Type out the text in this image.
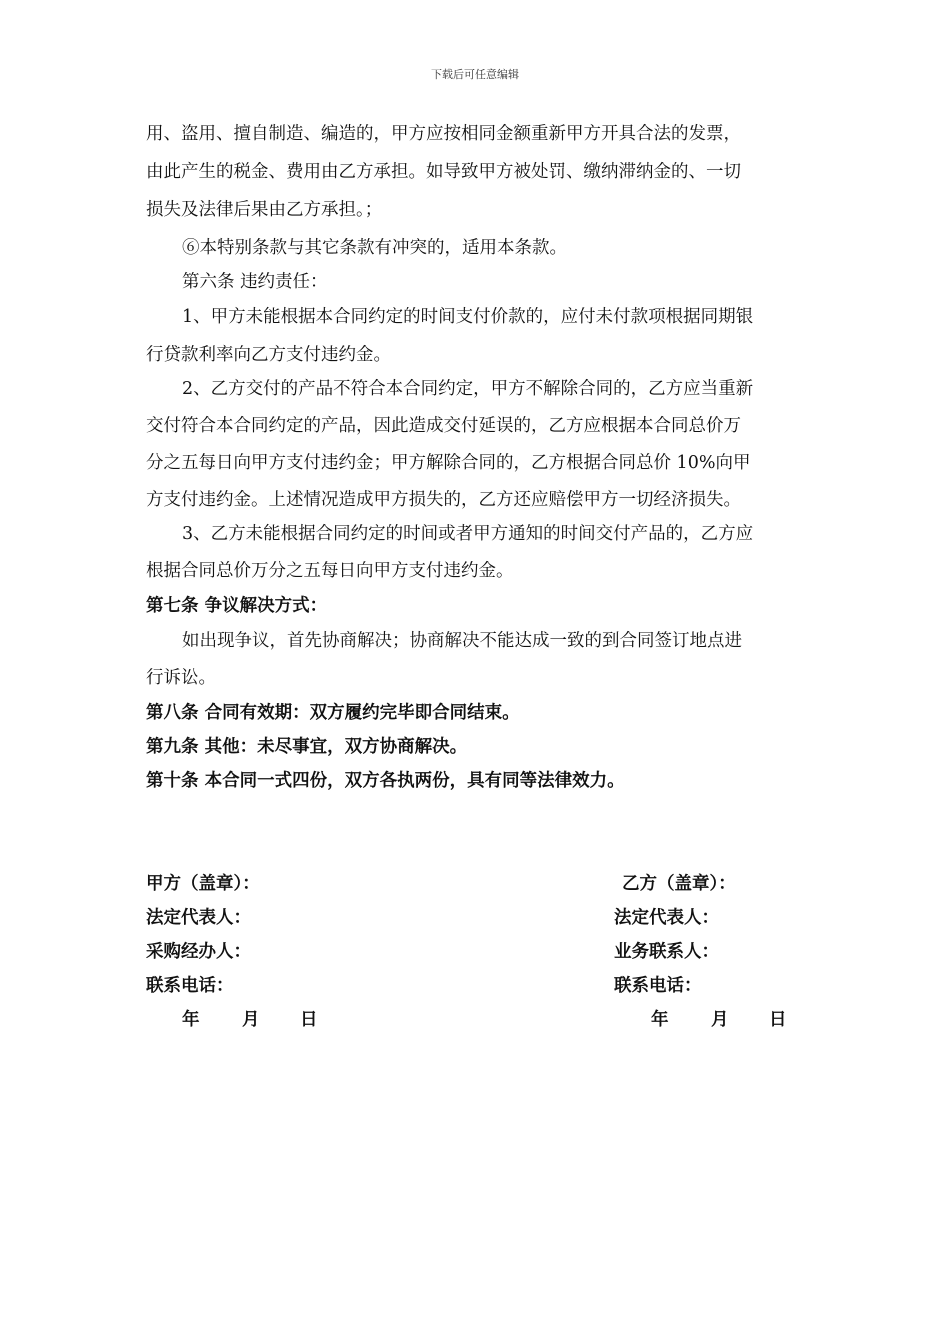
下载后可任意编辑
用、盗用、擅自制造、编造的，甲方应按相同金额重新甲方开具合法的发票，
由此产生的税金、费用由乙方承担。如导致甲方被处罚、缴纳滞纳金的、一切
损失及法律后果由乙方承担。；
⑥本特别条款与其它条款有冲突的，适用本条款。
第六条 违约责任：
1、甲方未能根据本合同约定的时间支付价款的，应付未付款项根据同期银
行贷款利率向乙方支付违约金。
2、乙方交付的产品不符合本合同约定，甲方不解除合同的，乙方应当重新
交付符合本合同约定的产品，因此造成交付延误的，乙方应根据本合同总价万
分之五每日向甲方支付违约金；甲方解除合同的，乙方根据合同总价 10%向甲
方支付违约金。上述情况造成甲方损失的，乙方还应赔偿甲方一切经济损失。
3、乙方未能根据合同约定的时间或者甲方通知的时间交付产品的，乙方应
根据合同总价万分之五每日向甲方支付违约金。
第七条 争议解决方式：
如出现争议，首先协商解决；协商解决不能达成一致的到合同签订地点进
行诉讼。
第八条 合同有效期：双方履约完毕即合同结束。
第九条 其他：未尽事宜，双方协商解决。
第十条 本合同一式四份，双方各执两份，具有同等法律效力。
甲方（盖章）：
法定代表人：
采购经办人：
联系电话：
年 月 日
乙方（盖章）：
法定代表人：
业务联系人：
联系电话：
年 月 日
